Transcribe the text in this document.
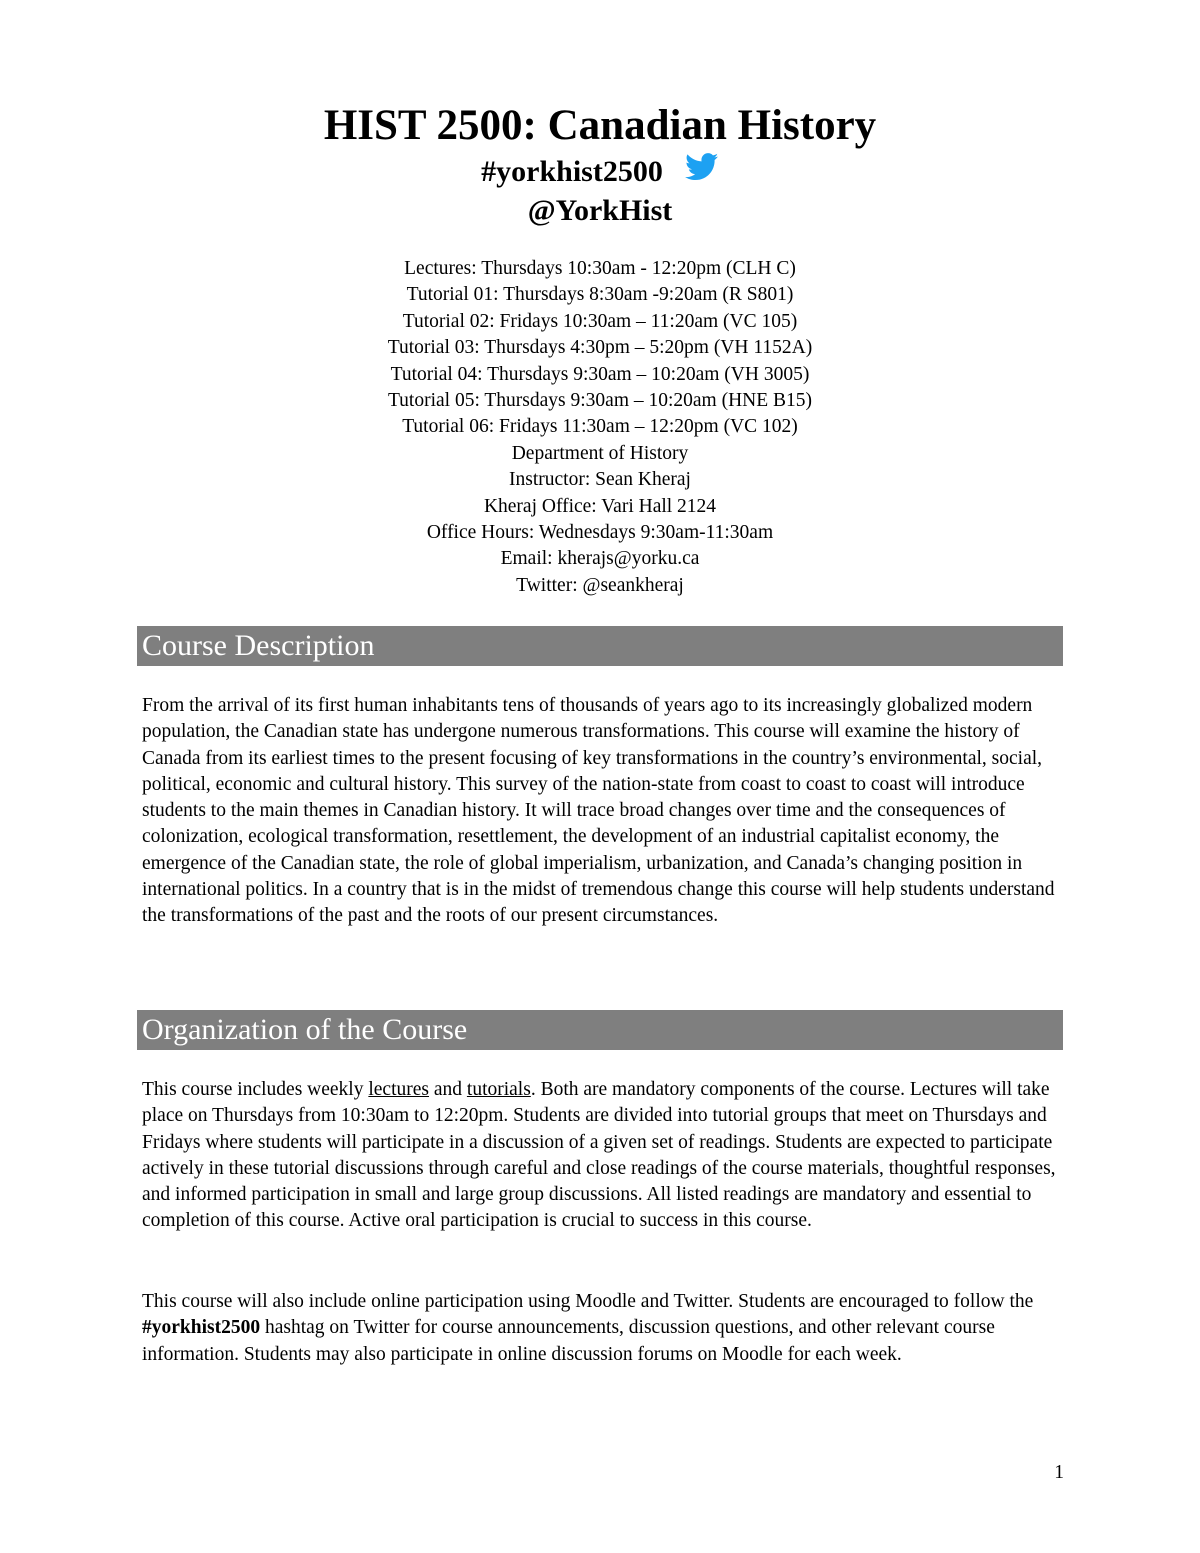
HIST 2500: Canadian History
#yorkhist2500
@YorkHist
Lectures: Thursdays 10:30am - 12:20pm (CLH C)
Tutorial 01: Thursdays 8:30am -9:20am (R S801)
Tutorial 02: Fridays 10:30am – 11:20am (VC 105)
Tutorial 03: Thursdays 4:30pm – 5:20pm (VH 1152A)
Tutorial 04: Thursdays 9:30am – 10:20am (VH 3005)
Tutorial 05: Thursdays 9:30am – 10:20am (HNE B15)
Tutorial 06: Fridays 11:30am – 12:20pm (VC 102)
Department of History
Instructor: Sean Kheraj
Kheraj Office: Vari Hall 2124
Office Hours: Wednesdays 9:30am-11:30am
Email: kherajs@yorku.ca
Twitter: @seankheraj
Course Description

From the arrival of its first human inhabitants tens of thousands of years ago to its increasingly globalized modern population, the Canadian state has undergone numerous transformations. This course will examine the history of Canada from its earliest times to the present focusing of key transformations in the country’s environmental, social, political, economic and cultural history. This survey of the nation-state from coast to coast to coast will introduce students to the main themes in Canadian history. It will trace broad changes over time and the consequences of colonization, ecological transformation, resettlement, the development of an industrial capitalist economy, the emergence of the Canadian state, the role of global imperialism, urbanization, and Canada’s changing position in international politics. In a country that is in the midst of tremendous change this course will help students understand the transformations of the past and the roots of our present circumstances.

Organization of the Course

This course includes weekly lectures and tutorials. Both are mandatory components of the course. Lectures will take place on Thursdays from 10:30am to 12:20pm. Students are divided into tutorial groups that meet on Thursdays and Fridays where students will participate in a discussion of a given set of readings. Students are expected to participate actively in these tutorial discussions through careful and close readings of the course materials, thoughtful responses, and informed participation in small and large group discussions. All listed readings are mandatory and essential to completion of this course. Active oral participation is crucial to success in this course.

This course will also include online participation using Moodle and Twitter. Students are encouraged to follow the #yorkhist2500 hashtag on Twitter for course announcements, discussion questions, and other relevant course information. Students may also participate in online discussion forums on Moodle for each week.

1
